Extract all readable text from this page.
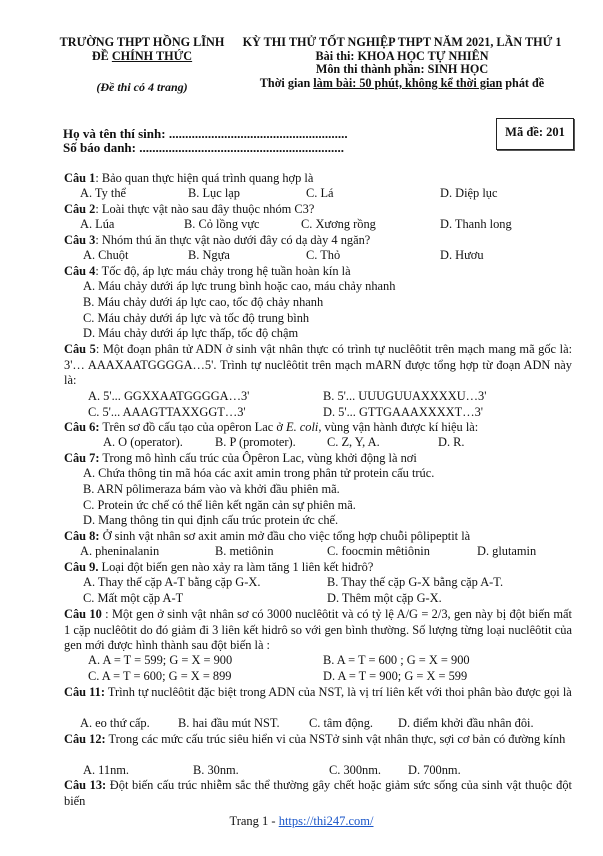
TRƯỜNG THPT HỒNG LĨNH
ĐỀ CHÍNH THỨC
(Đề thi có 4 trang)
KỲ THI THỬ TỐT NGHIỆP THPT NĂM 2021, LẦN THỨ 1
Bài thi: KHOA HỌC TỰ NHIÊN
Môn thi thành phần: SINH HỌC
Thời gian làm bài: 50 phút, không kể thời gian phát đề
Họ và tên thí sinh: .......................................................
Số báo danh: ...............................................................
Mã đề: 201
Câu 1: Bảo quan thực hiện quá trình quang hợp là
A. Ty thể	B. Lục lạp	C. Lá	D. Diệp lục
Câu 2: Loài thực vật nào sau đây thuộc nhóm C3?
A. Lúa	B. Cỏ lồng vực	C. Xương rồng	D. Thanh long
Câu 3: Nhóm thú ăn thực vật nào dưới đây có dạ dày 4 ngăn?
A. Chuột	B. Ngựa	C. Thỏ	D. Hươu
Câu 4: Tốc độ, áp lực máu chảy trong hệ tuần hoàn kín là
A. Máu chảy dưới áp lực trung bình hoặc cao, máu chảy nhanh
B. Máu chảy dưới áp lực cao, tốc độ chảy nhanh
C. Máu chảy dưới áp lực và tốc độ trung bình
D. Máu chảy dưới áp lực thấp, tốc độ chậm
Câu 5: Một đoạn phân tử ADN ở sinh vật nhân thực có trình tự nuclêôtit trên mạch mang mã gốc là: 3'… AAAXAATGGGGA…5'. Trình tự nuclêôtit trên mạch mARN được tổng hợp từ đoạn ADN này là:
A. 5'... GGXXAATGGGGA…3'	B. 5'... UUUGUUAXXXXU…3'
C. 5'... AAAGTTAXXGGT…3'	D. 5'... GTTGAAAXXXXT…3'
Câu 6: Trên sơ đồ cấu tạo của opêron Lac ở E. coli, vùng vận hành được kí hiệu là:
A. O (operator).	B. P (promoter).	C. Z, Y, A.	D. R.
Câu 7: Trong mô hình cấu trúc của Ôpêron Lac, vùng khởi động là nơi
A. Chứa thông tin mã hóa các axit amin trong phân tử protein cấu trúc.
B. ARN pôlimeraza bám vào và khởi đầu phiên mã.
C. Protein ức chế có thể liên kết ngăn cản sự phiên mã.
D. Mang thông tin qui định cấu trúc protein ức chế.
Câu 8: Ở sinh vật nhân sơ axit amin mở đầu cho việc tổng hợp chuỗi pôlipeptit là
A. pheninalanin	B. metiônin	C. foocmin mêtiônin	D. glutamin
Câu 9. Loại đột biến gen nào xảy ra làm tăng 1 liên kết hiđrô?
A. Thay thế cặp A-T bằng cặp G-X.	B. Thay thế cặp G-X bằng cặp A-T.
C. Mất một cặp A-T	D. Thêm một cặp G-X.
Câu 10 : Một gen ở sinh vật nhân sơ có 3000 nuclêôtit và có tỷ lệ A/G = 2/3, gen này bị đột biến mất 1 cặp nuclêôtit do đó giảm đi 3 liên kết hidrô so với gen bình thường. Số lượng từng loại nuclêôtit của gen mới được hình thành sau đột biến là :
A. A = T = 599; G = X = 900	B. A = T = 600 ; G = X = 900
C. A = T = 600; G = X = 899	D. A = T = 900; G = X = 599
Câu 11: Trình tự nuclêôtit đặc biệt trong ADN của NST, là vị trí liên kết với thoi phân bào được gọi là
A. eo thứ cấp. B. hai đầu mút NST. C. tâm động. D. điểm khởi đầu nhân đôi.
Câu 12: Trong các mức cấu trúc siêu hiển vi của NSTở sinh vật nhân thực, sợi cơ bản có đường kính
A. 11nm.	B. 30nm.	C. 300nm. D. 700nm.
Câu 13: Đột biến cấu trúc nhiễm sắc thể thường gây chết hoặc giảm sức sống của sinh vật thuộc đột biến
Trang 1 - https://thi247.com/
